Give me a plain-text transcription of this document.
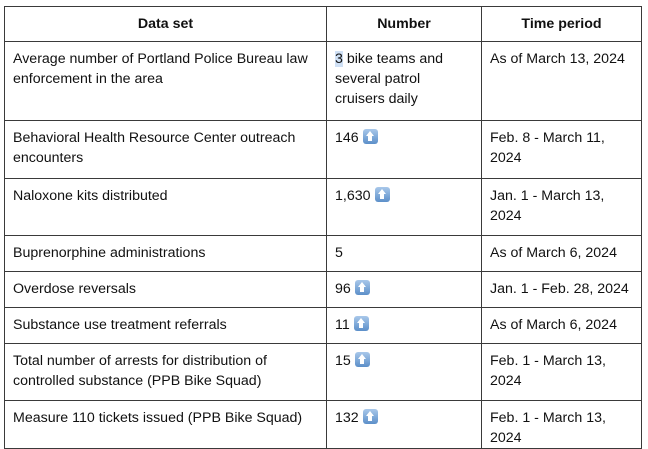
Data set	Number	Time period
Average number of Portland Police Bureau law enforcement in the area	3 bike teams and several patrol cruisers daily	As of March 13, 2024
Behavioral Health Resource Center outreach encounters	146	Feb. 8 - March 11, 2024
Naloxone kits distributed	1,630	Jan. 1 - March 13, 2024
Buprenorphine administrations	5	As of March 6, 2024
Overdose reversals	96	Jan. 1 - Feb. 28, 2024
Substance use treatment referrals	11	As of March 6, 2024
Total number of arrests for distribution of controlled substance (PPB Bike Squad)	15	Feb. 1 - March 13, 2024
Measure 110 tickets issued (PPB Bike Squad)	132	Feb. 1 - March 13, 2024
